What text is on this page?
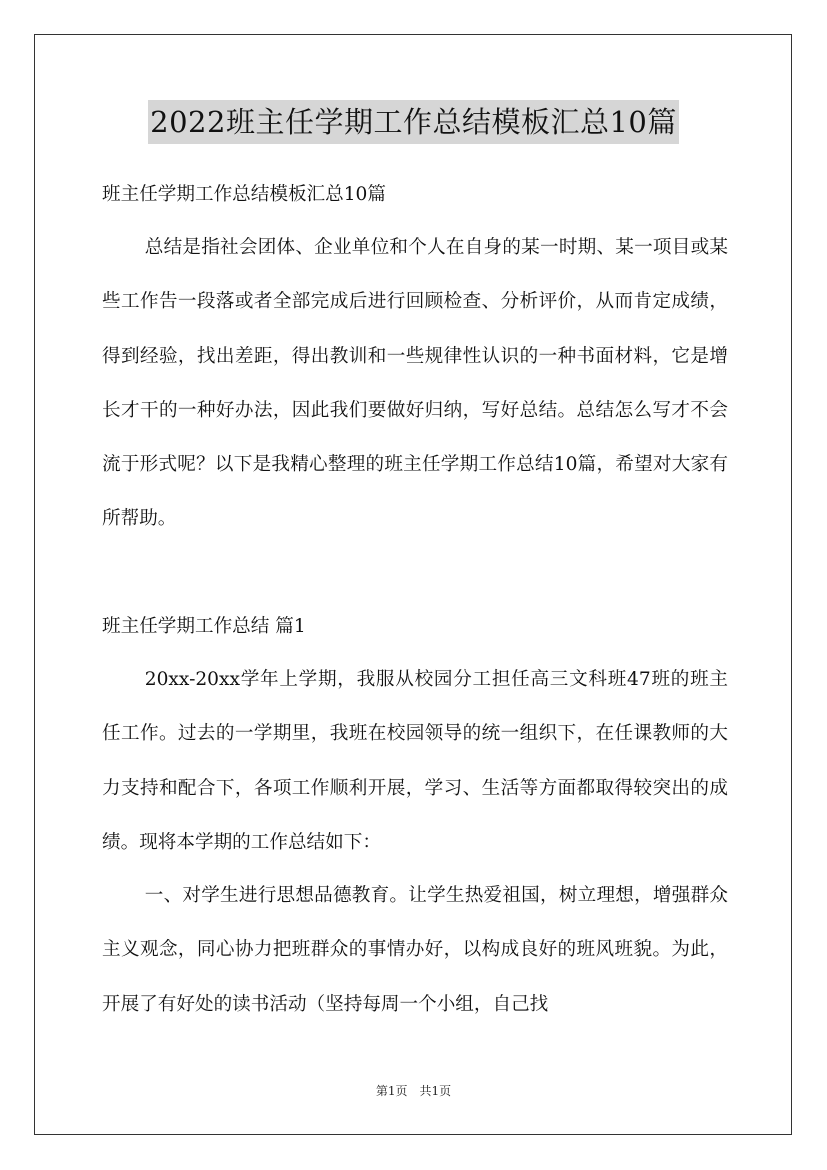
2022班主任学期工作总结模板汇总10篇
班主任学期工作总结模板汇总10篇

总结是指社会团体、企业单位和个人在自身的某一时期、某一项目或某些工作告一段落或者全部完成后进行回顾检查、分析评价，从而肯定成绩，得到经验，找出差距，得出教训和一些规律性认识的一种书面材料，它是增长才干的一种好办法，因此我们要做好归纳，写好总结。总结怎么写才不会流于形式呢？以下是我精心整理的班主任学期工作总结10篇，希望对大家有所帮助。

班主任学期工作总结 篇1

20xx-20xx学年上学期，我服从校园分工担任高三文科班47班的班主任工作。过去的一学期里，我班在校园领导的统一组织下，在任课教师的大力支持和配合下，各项工作顺利开展，学习、生活等方面都取得较突出的成绩。现将本学期的工作总结如下：

一、对学生进行思想品德教育。让学生热爱祖国，树立理想，增强群众主义观念，同心协力把班群众的事情办好，以构成良好的班风班貌。为此，开展了有好处的读书活动（坚持每周一个小组，自己找

第1页　共1页
